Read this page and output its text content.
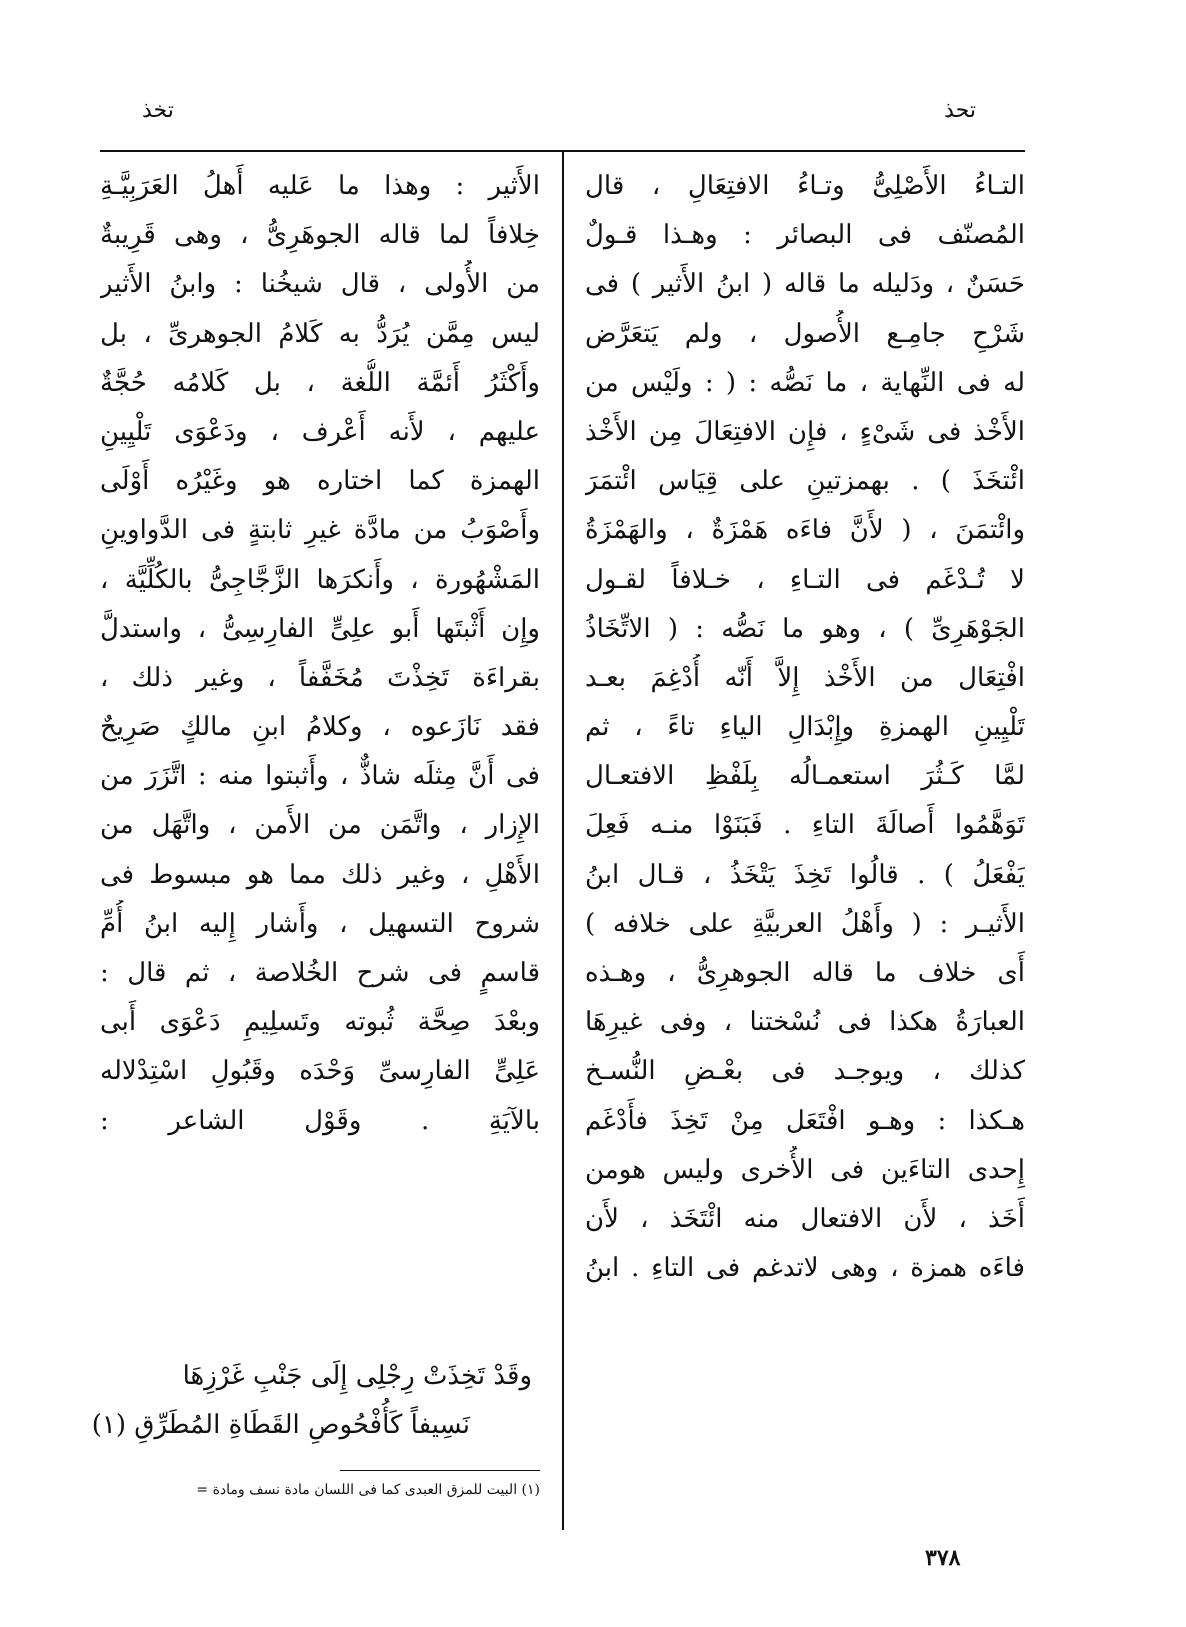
تحذ
تخذ
التـاءُ الأَصْلِىُّ وتـاءُ الافتِعَالِ ، قال
المُصنّف فى البصائر : وهـذا قـولٌ
حَسَنٌ ، ودَليله ما قاله ( ابنُ الأَثير ) فى
شَرْحِ جامِـع الأُصول ، ولم يَتعَرَّض
له فى النِّهاية ، ما نَصُّه : ( : ولَيْس من
الأَخْذ فى شَىْءٍ ، فإِن الافتِعَالَ مِن الأَخْذ
ائْتخَذَ ) . بهمزتينِ على قِيَاس ائْتمَرَ
وائْتمَنَ ، ( لأَنَّ فاءَه هَمْزَةٌ ، والهَمْزَةُ
لا تُـدْغَم فى التـاءِ ، خـلافاً لقـول
الجَوْهَرِىِّ ) ، وهو ما نَصُّه : ( الاتِّخَاذُ
افْتِعَال من الأَخْذ إِلاَّ أَنّه أُدْغِمَ بعـد
تَلْيِينِ الهمزةِ وإِبْدَالِ الياءِ تاءً ، ثم
لمَّا كَـثُرَ استعمـالُه بِلَفْظِ الافتعـال
تَوَهَّمُوا أَصالَةَ التاءِ . فَبَنَوْا منـه فَعِلَ
يَفْعَلُ ) . قالُوا تَخِذَ يَتْخَذُ ، قـال ابنُ
الأَثيـر : ( وأَهْلُ العربيَّةِ على خلافه )
أَى خلاف ما قاله الجوهرِىُّ ، وهـذه
العبارَةُ هكذا فى نُسْختنا ، وفى غيرِهَا
كذلك ، ويوجـد فى بعْـضِ النُّسـخ
هـكذا : وهـو افْتَعَل مِنْ تَخِذَ فأَدْغَم
إِحدى التاءَين فى الأُخرى وليس هومن
أَخَذ ، لأَن الافتعال منه ائْتَخَذ ، لأَن
فاءَه همزة ، وهى لاتدغم فى التاءِ . ابنُ
الأَثير : وهذا ما عَليه أَهلُ العَرَبِيَّـةِ
خِلافاً لما قاله الجوهَرِىُّ ، وهى قَرِيبةٌ
من الأُولى ، قال شيخُنا : وابنُ الأَثير
ليس مِمَّن يُرَدُّ به كَلامُ الجوهرىِّ ، بل
وأَكْثَرُ أَئمَّة اللُّغة ، بل كَلامُه حُجَّةٌ
عليهم ، لأَنه أَعْرف ، ودَعْوَى تَلْيِينِ
الهمزة كما اختاره هو وغَيْرُه أَوْلَى
وأَصْوَبُ من مادَّة غيرِ ثابتةٍ فى الدَّواوينِ
المَشْهُورة ، وأَنكرَها الزَّجَّاجِىُّ بالكُلِّيَّة ،
وإِن أَثْبتَها أَبو علِىٍّ الفارِسِىُّ ، واستدلَّ
بقراءَة تَخِذْتَ مُخَفَّفاً ، وغير ذلك ،
فقد نَازَعوه ، وكلامُ ابنِ مالكٍ صَرِيحٌ
فى أَنَّ مِثلَه شاذٌّ ، وأَثبتوا منه : اتَّزَرَ من
الإِزار ، واتَّمَن من الأَمن ، واتَّهَل من
الأَهْلِ ، وغير ذلك مما هو مبسوط فى
شروح التسهيل ، وأَشار إِليه ابنُ أُمِّ
قاسمٍ فى شرح الخُلاصة ، ثم قال :
وبعْدَ صِحَّة ثُبوته وتَسلِيمِ دَعْوَى أَبى
عَلِىٍّ الفارِسىِّ وَحْدَه وقَبُولِ اسْتِدْلاله
بالآيَةِ . وقَوْل الشاعر :
وقَدْ تَخِذَتْ رِجْلِى إِلَى جَنْبِ غَرْزِهَا
نَسِيفاً كَأُفْحُوصِ القَطَاةِ المُطَرِّقِ (١)
(١) البيت للمزق العبدى كما فى اللسان مادة نسف ومادة =
٣٧٨
